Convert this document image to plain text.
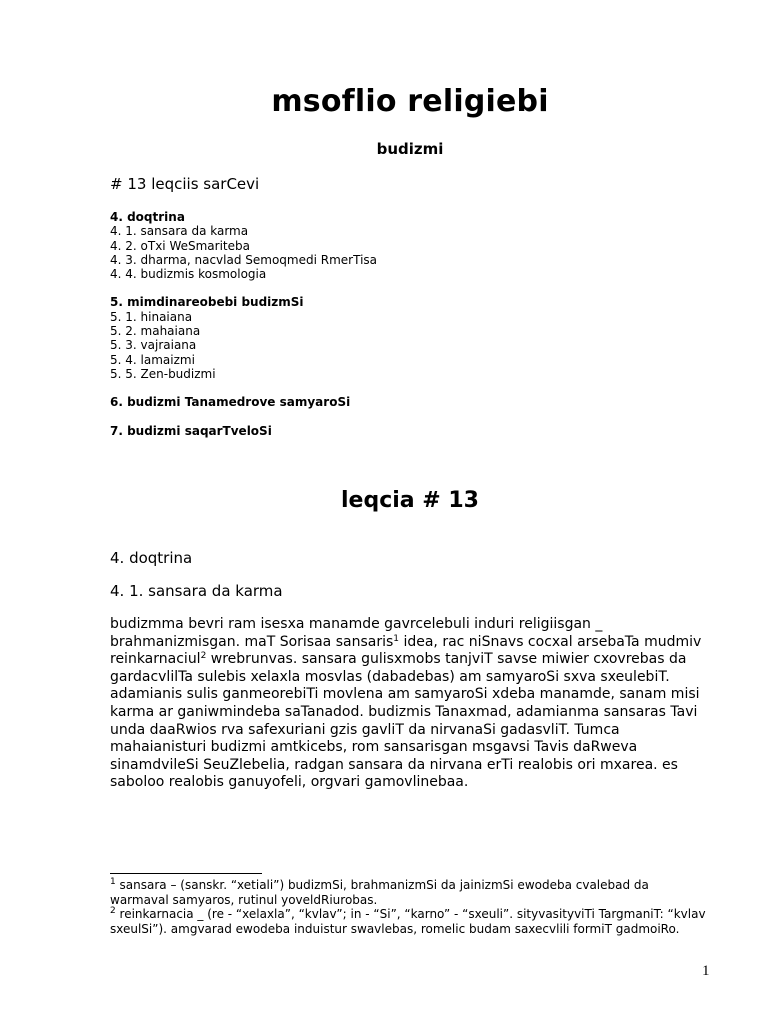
msoflio religiebi
budizmi
# 13 leqciis sarCevi
4. doqtrina
4. 1. sansara da karma
4. 2. oTxi WeSmariteba
4. 3. dharma, nacvlad Semoqmedi RmerTisa
4. 4. budizmis kosmologia
5. mimdinareobebi budizmSi
5. 1. hinaiana
5. 2. mahaiana
5. 3. vajraiana
5. 4. lamaizmi
5. 5. Zen-budizmi
6. budizmi Tanamedrove samyaroSi
7. budizmi saqarTveloSi
leqcia # 13
4. doqtrina
4. 1. sansara da karma

budizmma bevri ram isesxa manamde gavrcelebuli induri religiisgan _ brahmanizmisgan. maT Sorisaa sansaris$^1$ idea, rac niSnavs cocxal arsebaTa mudmiv reinkarnaciul$^2$ wrebrunvas. sansara gulisxmobs tanjviT savse miwier cxovrebas da gardacvlilTa sulebis xelaxla mosvlas (dabadebas) am samyaroSi sxva sxeulebiT. adamianis sulis ganmeorebiTi movlena am samyaroSi xdeba manamde, sanam misi karma ar ganiwmindeba saTanadod. budizmis Tanaxmad, adamianma sansaras Tavi unda daaRwios rva safexuriani gzis gavliT da nirvanaSi gadasvliT. Tumca mahaianisturi budizmi amtkicebs, rom sansarisgan msgavsi Tavis daRweva sinamdvileSi SeuZlebelia, radgan sansara da nirvana erTi realobis ori mxarea. es saboloo realobis ganuyofeli, orgvari gamovlinebaa.

$^1$ sansara – (sanskr. “xetiali”) budizmSi, brahmanizmSi da jainizmSi ewodeba cvalebad da warmaval samyaros, rutinul yoveldRiurobas.

$^2$ reinkarnacia _ (re - “xelaxla”, “kvlav”; in - “Si”, “karno” - “sxeuli”. sityvasityviTi TargmaniT: “kvlav sxeulSi”). amgvarad ewodeba induistur swavlebas, romelic budam saxecvlili formiT gadmoiRo.

1
